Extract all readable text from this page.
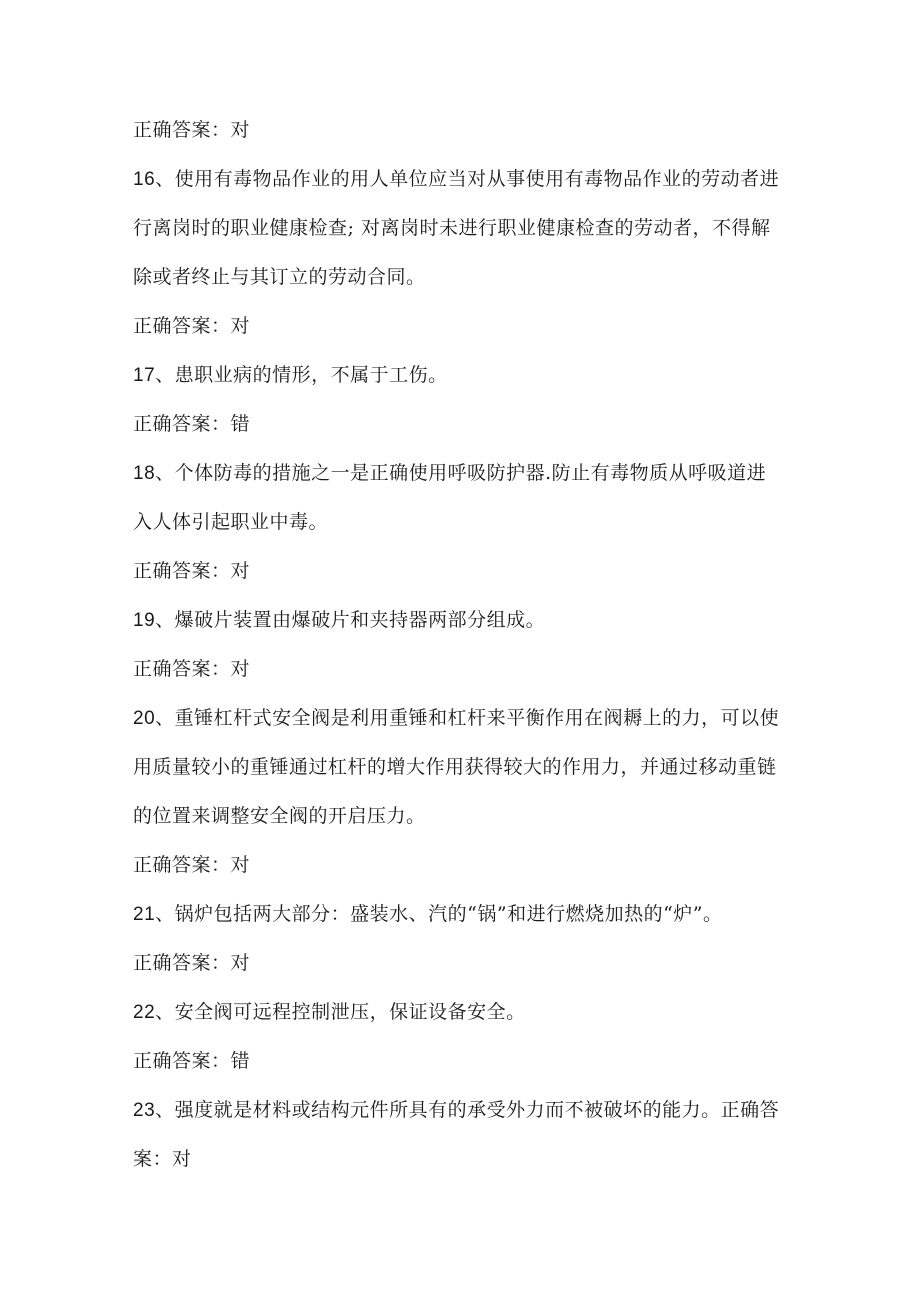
正确答案：对
16、使用有毒物品作业的用人单位应当对从事使用有毒物品作业的劳动者进
行离岗时的职业健康检查; 对离岗时未进行职业健康检查的劳动者，不得解
除或者终止与其订立的劳动合同。
正确答案：对
17、患职业病的情形，不属于工伤。
正确答案：错
18、个体防毒的措施之一是正确使用呼吸防护器.防止有毒物质从呼吸道进
入人体引起职业中毒。
正确答案：对
19、爆破片装置由爆破片和夹持器两部分组成。
正确答案：对
20、重锤杠杆式安全阀是利用重锤和杠杆来平衡作用在阀耨上的力，可以使
用质量较小的重锤通过杠杆的增大作用获得较大的作用力，并通过移动重链
的位置来调整安全阀的开启压力。
正确答案：对
21、锅炉包括两大部分：盛装水、汽的“锅”和进行燃烧加热的“炉”。
正确答案：对
22、安全阀可远程控制泄压，保证设备安全。
正确答案：错
23、强度就是材料或结构元件所具有的承受外力而不被破坏的能力。正确答
案：对
